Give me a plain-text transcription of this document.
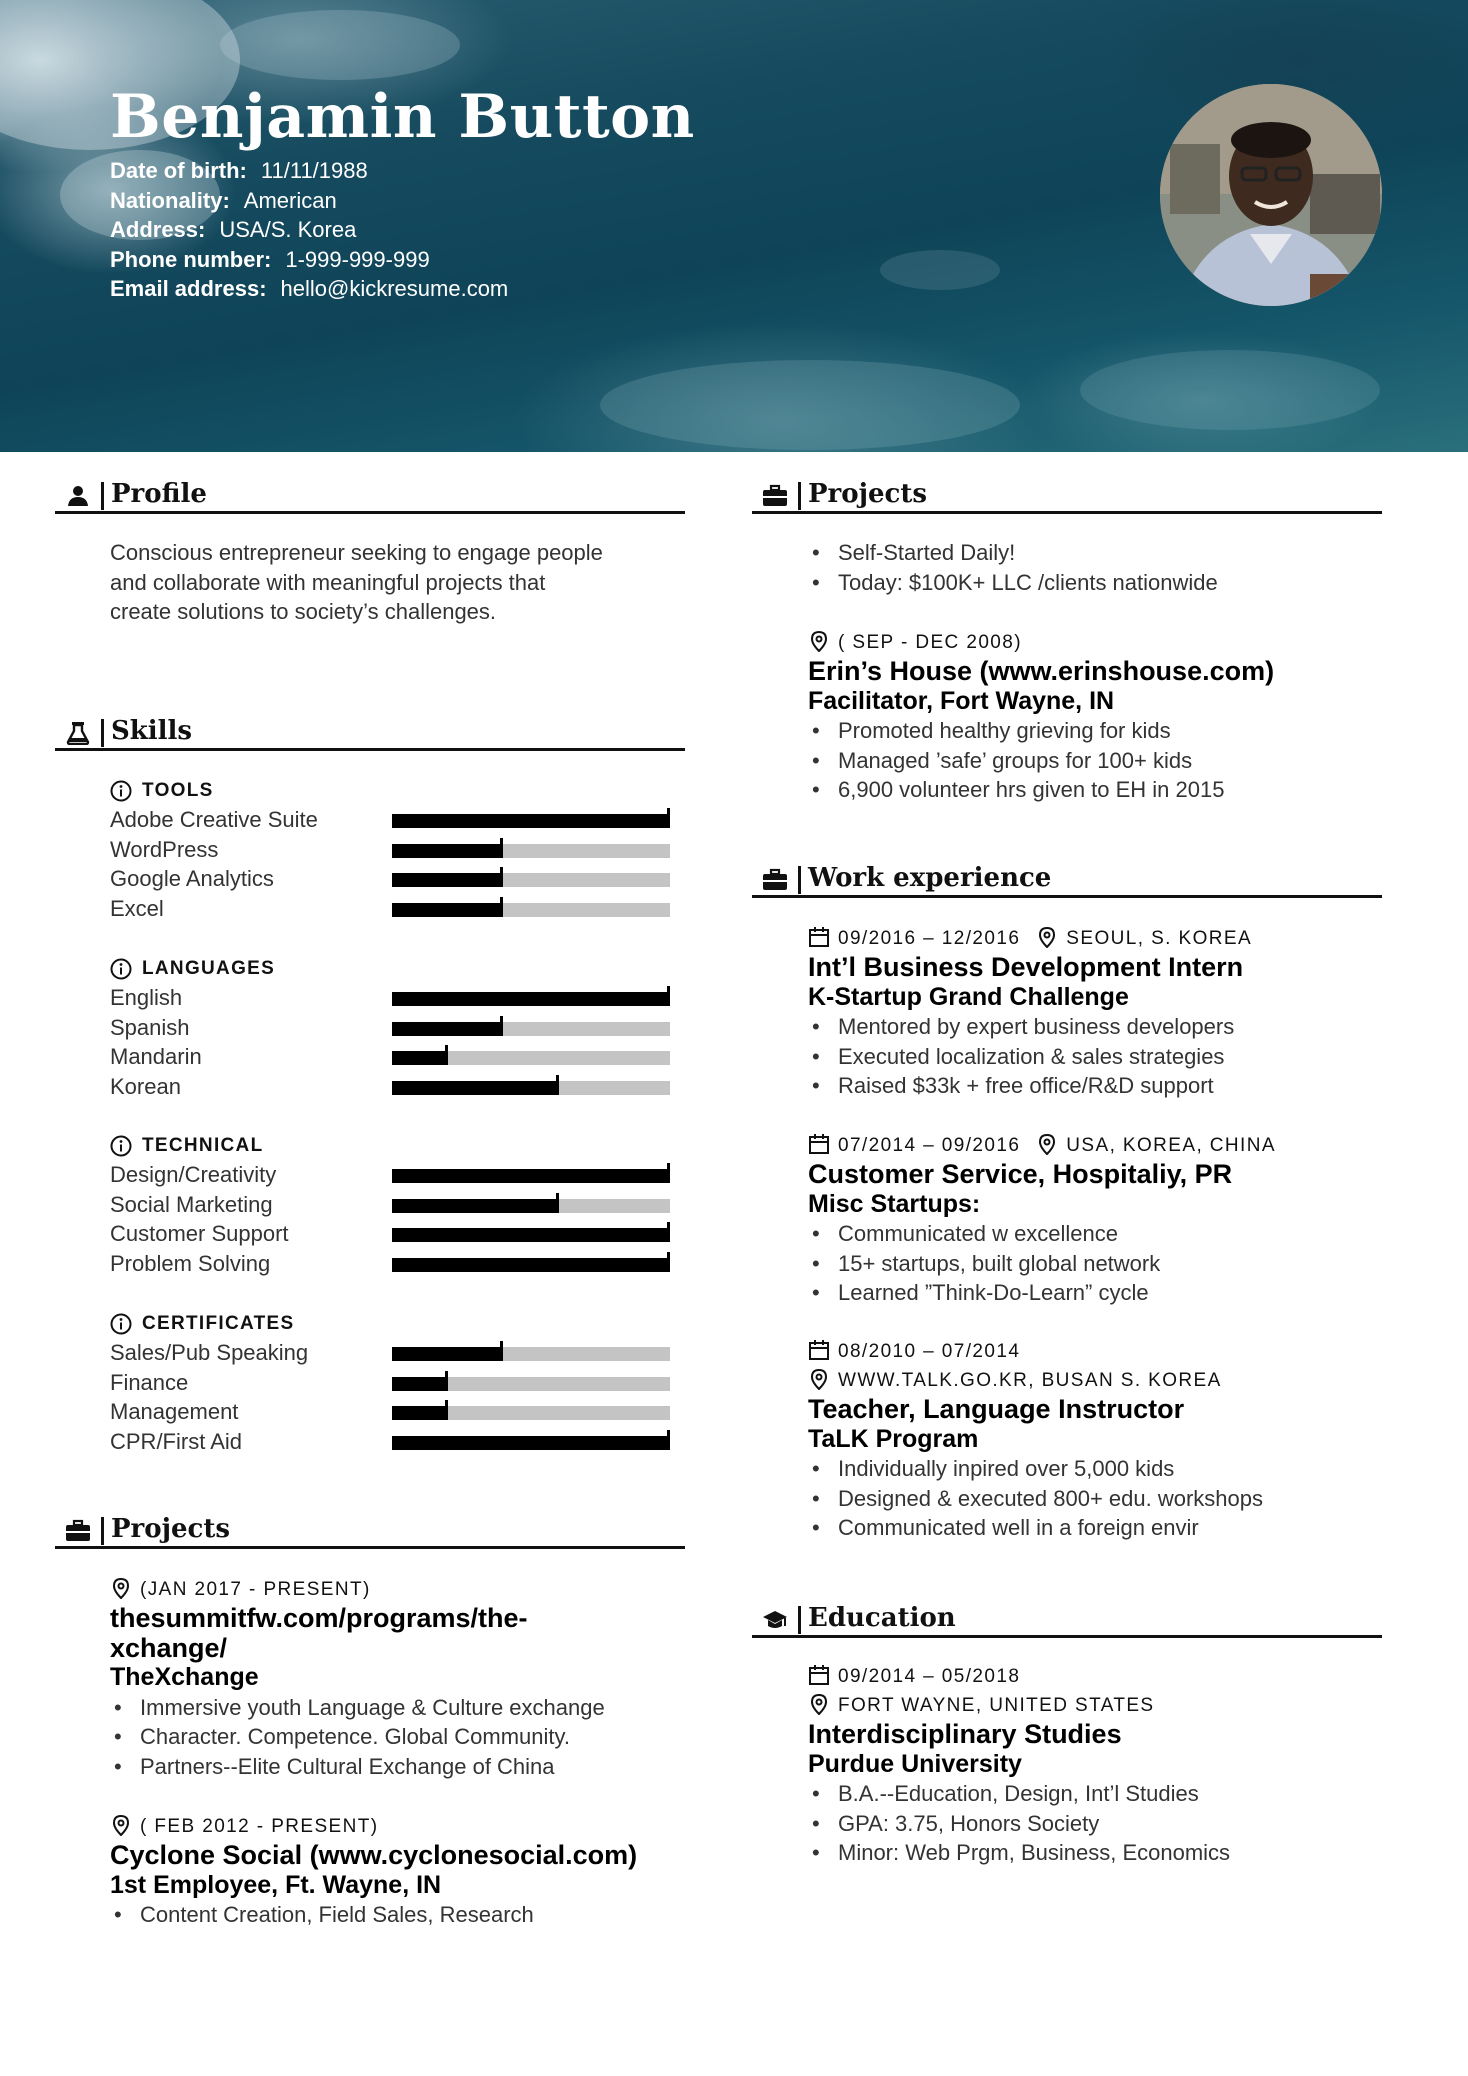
Benjamin Button
Date of birth: 11/11/1988
Nationality: American
Address: USA/S. Korea
Phone number: 1-999-999-999
Email address: hello@kickresume.com
Profile
Conscious entrepreneur seeking to engage people
and collaborate with meaningful projects that
create solutions to society’s challenges.
Skills
TOOLS
Adobe Creative Suite
WordPress
Google Analytics
Excel
LANGUAGES
English
Spanish
Mandarin
Korean
TECHNICAL
Design/Creativity
Social Marketing
Customer Support
Problem Solving
CERTIFICATES
Sales/Pub Speaking
Finance
Management
CPR/First Aid
Projects
(JAN 2017 - PRESENT)
thesummitfw.com/programs/the-xchange/
TheXchange
• Immersive youth Language & Culture exchange
• Character. Competence. Global Community.
• Partners--Elite Cultural Exchange of China
( FEB 2012 - PRESENT)
Cyclone Social (www.cyclonesocial.com)
1st Employee, Ft. Wayne, IN
• Content Creation, Field Sales, Research
Projects
• Self-Started Daily!
• Today: $100K+ LLC /clients nationwide
( SEP - DEC 2008)
Erin’s House (www.erinshouse.com)
Facilitator, Fort Wayne, IN
• Promoted healthy grieving for kids
• Managed ’safe’ groups for 100+ kids
• 6,900 volunteer hrs given to EH in 2015
Work experience
09/2016 – 12/2016 SEOUL, S. KOREA
Int’l Business Development Intern
K-Startup Grand Challenge
• Mentored by expert business developers
• Executed localization & sales strategies
• Raised $33k + free office/R&D support
07/2014 – 09/2016 USA, KOREA, CHINA
Customer Service, Hospitaliy, PR
Misc Startups:
• Communicated w excellence
• 15+ startups, built global network
• Learned ”Think-Do-Learn” cycle
08/2010 – 07/2014
WWW.TALK.GO.KR, BUSAN S. KOREA
Teacher, Language Instructor
TaLK Program
• Individually inpired over 5,000 kids
• Designed & executed 800+ edu. workshops
• Communicated well in a foreign envir
Education
09/2014 – 05/2018
FORT WAYNE, UNITED STATES
Interdisciplinary Studies
Purdue University
• B.A.--Education, Design, Int’l Studies
• GPA: 3.75, Honors Society
• Minor: Web Prgm, Business, Economics
